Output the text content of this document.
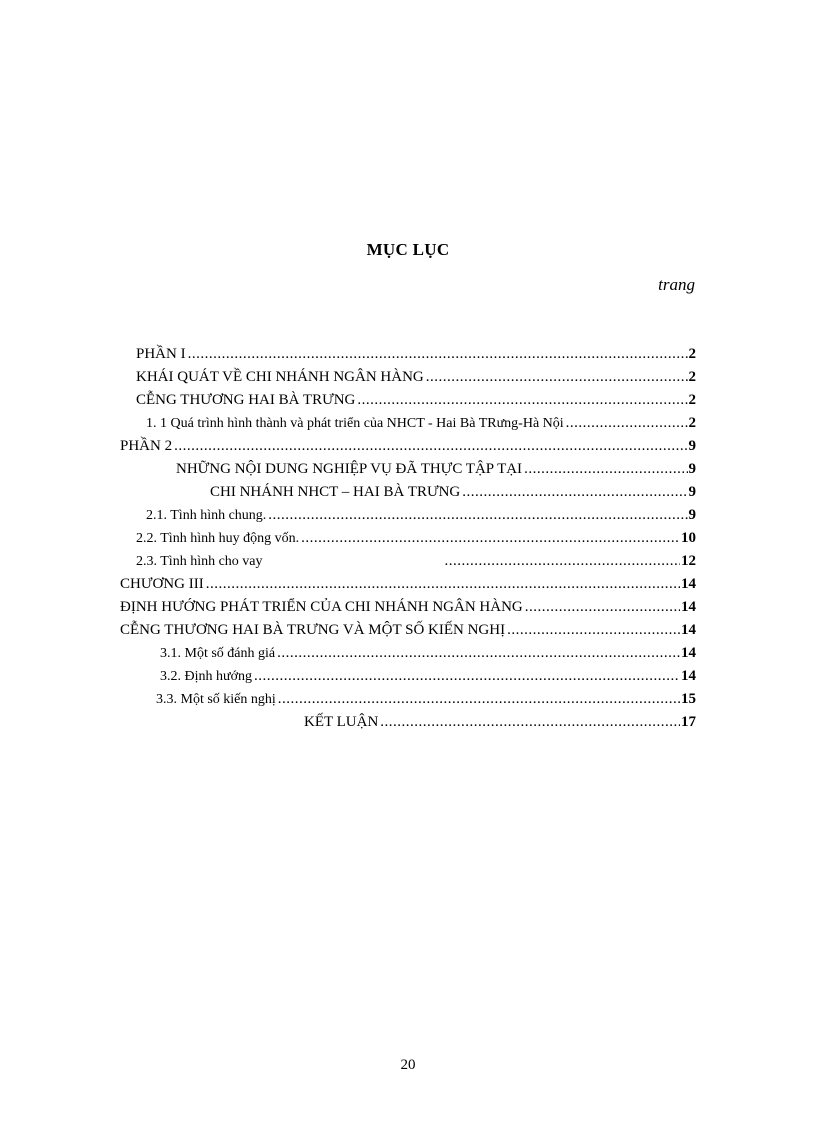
MỤC LỤC
trang
PHẦN I .....	2
KHÁI QUÁT VỀ CHI NHÁNH NGÂN HÀNG .....	2
CỄNG THƯƠNG HAI BÀ TRƯNG .....	2
1. 1 Quá trình hình thành và phát triển của NHCT - Hai Bà TRưng-Hà Nội .....	2
PHẦN 2 .....	9
NHỮNG NỘI DUNG NGHIỆP VỤ ĐÃ THỰC TẬP TẠI .....	9
CHI NHÁNH NHCT – HAI BÀ TRƯNG .....	9
2.1. Tình hình chung. .....	9
2.2. Tình hình huy động vốn. .....	10
2.3. Tình hình cho vay .....	12
CHƯƠNG III .....	14
ĐỊNH HƯỚNG PHÁT TRIỂN CỦA CHI NHÁNH NGÂN HÀNG .....	14
CỄNG THƯƠNG HAI BÀ TRƯNG VÀ MỘT SỐ KIẾN NGHỊ .....	14
3.1. Một số đánh giá .....	14
3.2. Định hướng .....	14
3.3. Một số kiến nghị .....	15
KẾT LUẬN .....	17
20
